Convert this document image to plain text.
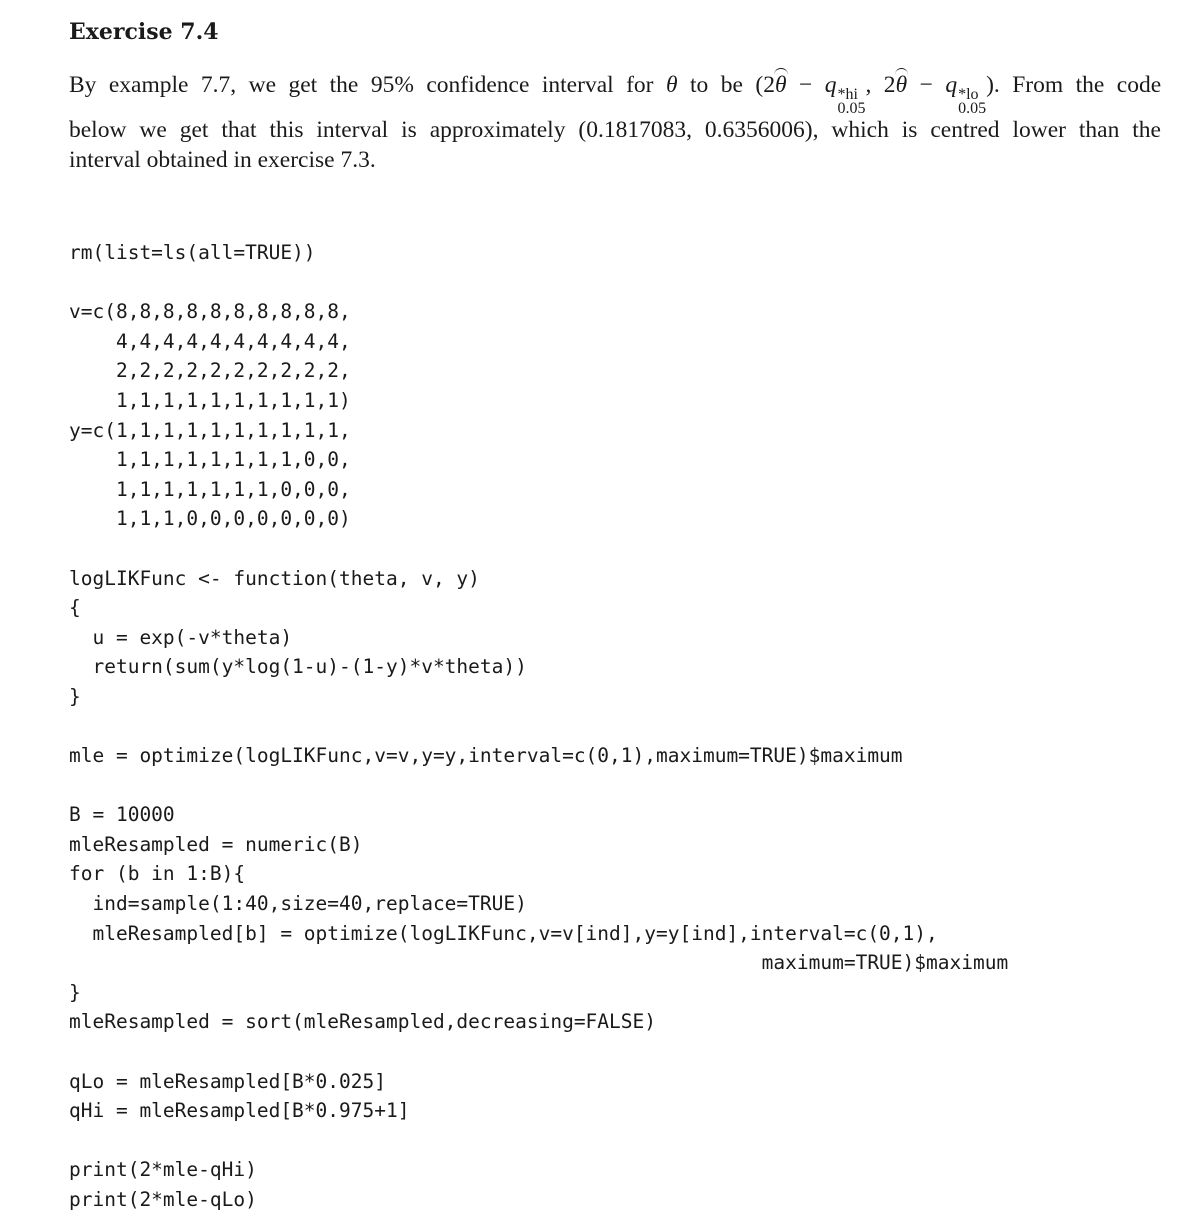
Exercise 7.4
By example 7.7, we get the 95% confidence interval for θ to be (2θ − q *hi
0.05
, 2θ − q *lo
0.05
). From the code
below we get that this interval is approximately (0.1817083, 0.6356006), which is centred lower than the
interval obtained in exercise 7.3.
rm(list=ls(all=TRUE))
v=c(8,8,8,8,8,8,8,8,8,8,
4,4,4,4,4,4,4,4,4,4,
2,2,2,2,2,2,2,2,2,2,
1,1,1,1,1,1,1,1,1,1)
y=c(1,1,1,1,1,1,1,1,1,1,
1,1,1,1,1,1,1,1,0,0,
1,1,1,1,1,1,1,0,0,0,
1,1,1,0,0,0,0,0,0,0)
logLIKFunc <- function(theta, v, y)
{
u = exp(-v*theta)
return(sum(y*log(1-u)-(1-y)*v*theta))
}
mle = optimize(logLIKFunc,v=v,y=y,interval=c(0,1),maximum=TRUE)$maximum
B = 10000
mleResampled = numeric(B)
for (b in 1:B){
ind=sample(1:40,size=40,replace=TRUE)
mleResampled[b] = optimize(logLIKFunc,v=v[ind],y=y[ind],interval=c(0,1),
maximum=TRUE)$maximum
}
mleResampled = sort(mleResampled,decreasing=FALSE)
qLo = mleResampled[B*0.025]
qHi = mleResampled[B*0.975+1]
print(2*mle-qHi)
print(2*mle-qLo)
